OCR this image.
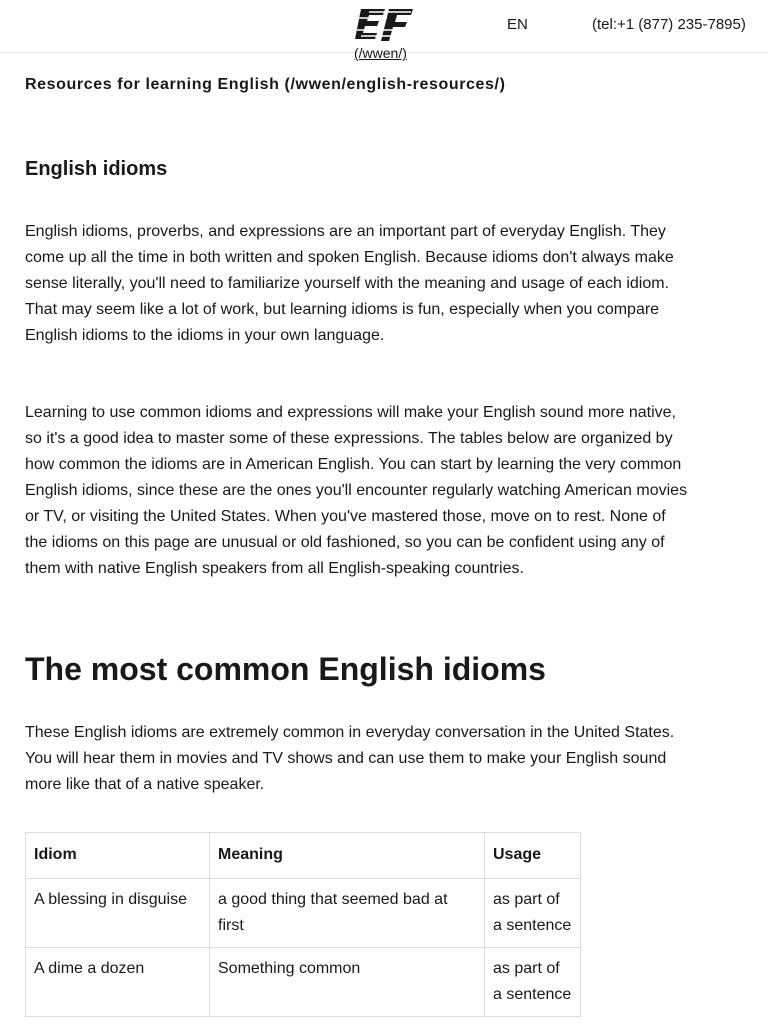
(/wwen/)
EN	(tel:+1 (877) 235-7895)
Resources for learning English (/wwen/english-resources/)
English idioms

English idioms, proverbs, and expressions are an important part of everyday English. They come up all the time in both written and spoken English. Because idioms don't always make sense literally, you'll need to familiarize yourself with the meaning and usage of each idiom. That may seem like a lot of work, but learning idioms is fun, especially when you compare English idioms to the idioms in your own language.

Learning to use common idioms and expressions will make your English sound more native, so it's a good idea to master some of these expressions. The tables below are organized by how common the idioms are in American English. You can start by learning the very common English idioms, since these are the ones you'll encounter regularly watching American movies or TV, or visiting the United States. When you've mastered those, move on to rest. None of the idioms on this page are unusual or old fashioned, so you can be confident using any of them with native English speakers from all English-speaking countries.

The most common English idioms

These English idioms are extremely common in everyday conversation in the United States. You will hear them in movies and TV shows and can use them to make your English sound more like that of a native speaker.

Idiom	Meaning	Usage
A blessing in disguise	a good thing that seemed bad at first	as part of a sentence
A dime a dozen	Something common	as part of a sentence
